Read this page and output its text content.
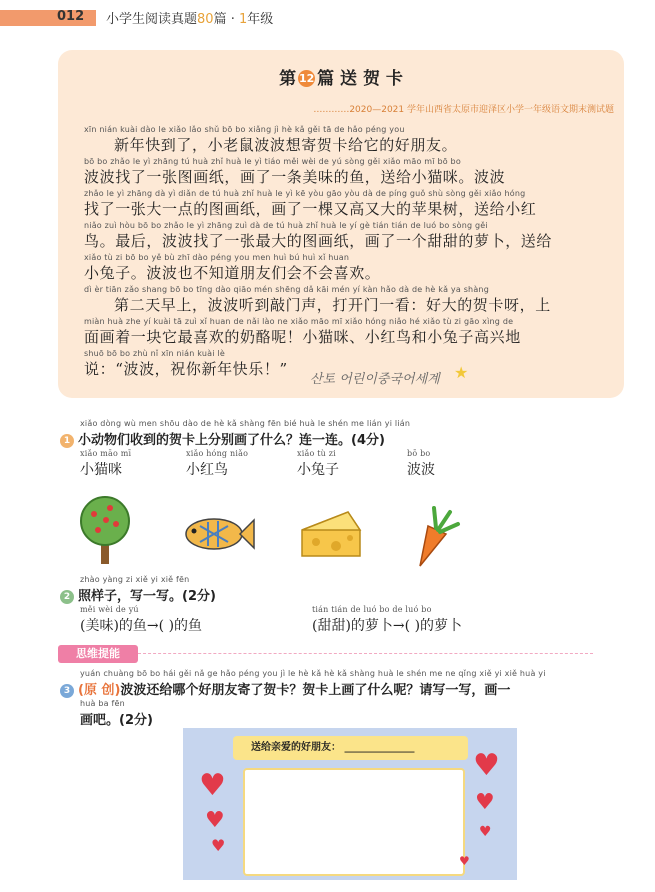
012 小学生阅读真题80篇 · 1年级
第 12 篇 送 贺 卡
…………2020—2021 学年山西省太原市迎泽区小学一年级语文期末测试题
xīn nián kuài dào le xiǎo lǎo shǔ bō bo xiǎng jì hè kǎ gěi tā de hǎo péng you
新年快到了，小老鼠波波想寄贺卡给它的好朋友。
bō bo zhǎo le yì zhāng tú huà zhǐ huà le yì tiáo měi wèi de yú sòng gěi xiǎo māo mī bō bo
波波找了一张图画纸，画了一条美味的鱼，送给小猫咪。波波
zhǎo le yì zhāng dà yì diǎn de tú huà zhǐ huà le yì kē yòu gāo yòu dà de píng guǒ shù sòng gěi xiǎo hóng
找了一张大一点的图画纸，画了一棵又高又大的苹果树，送给小红
niǎo zuì hòu bō bo zhǎo le yì zhāng zuì dà de tú huà zhǐ huà le yí gè tián tián de luó bo sòng gěi
鸟。最后，波波找了一张最大的图画纸，画了一个甜甜的萝卜，送给
xiǎo tù zi bō bo yě bù zhī dào péng you men huì bú huì xǐ huan
小兔子。波波也不知道朋友们会不会喜欢。
dì èr tiān zǎo shang bō bo tīng dào qiāo mén shēng dǎ kāi mén yí kàn hǎo dà de hè kǎ ya shàng
第二天早上，波波听到敲门声，打开门一看：好大的贺卡呀，上
miàn huà zhe yí kuài tā zuì xǐ huan de nǎi lào ne xiǎo māo mī xiǎo hóng niǎo hé xiǎo tù zi gāo xìng de
面画着一块它最喜欢的奶酪呢！小猫咪、小红鸟和小兔子高兴地
shuō bō bo zhù nǐ xīn nián kuài lè
说：“波波，祝你新年快乐！”
산토 어린이중국어세계 ★
xiǎo dòng wù men shōu dào de hè kǎ shàng fēn bié huà le shén me lián yi lián
1 小动物们收到的贺卡上分别画了什么？连一连。(4分)
xiǎo māo mī
小猫咪
xiǎo hóng niǎo
小红鸟
xiǎo tù zi
小兔子
bō bo
波波
zhào yàng zi xiě yi xiě fēn
2 照样子，写一写。(2分)
měi wèi de yú
(美味)的鱼→( )的鱼
tián tián de luó bo de luó bo
(甜甜)的萝卜→( )的萝卜
思维提能
yuán chuàng bō bo hái gěi nǎ ge hǎo péng you jì le hè kǎ hè kǎ shàng huà le shén me ne qǐng xiě yi xiě huà yi
3 (原 创)波波还给哪个好朋友寄了贺卡？贺卡上画了什么呢？请写一写，画一
huà ba fēn
画吧。(2分)
送给亲爱的好朋友： ______________
♥
♥
♥
♥
♥
♥
♥
